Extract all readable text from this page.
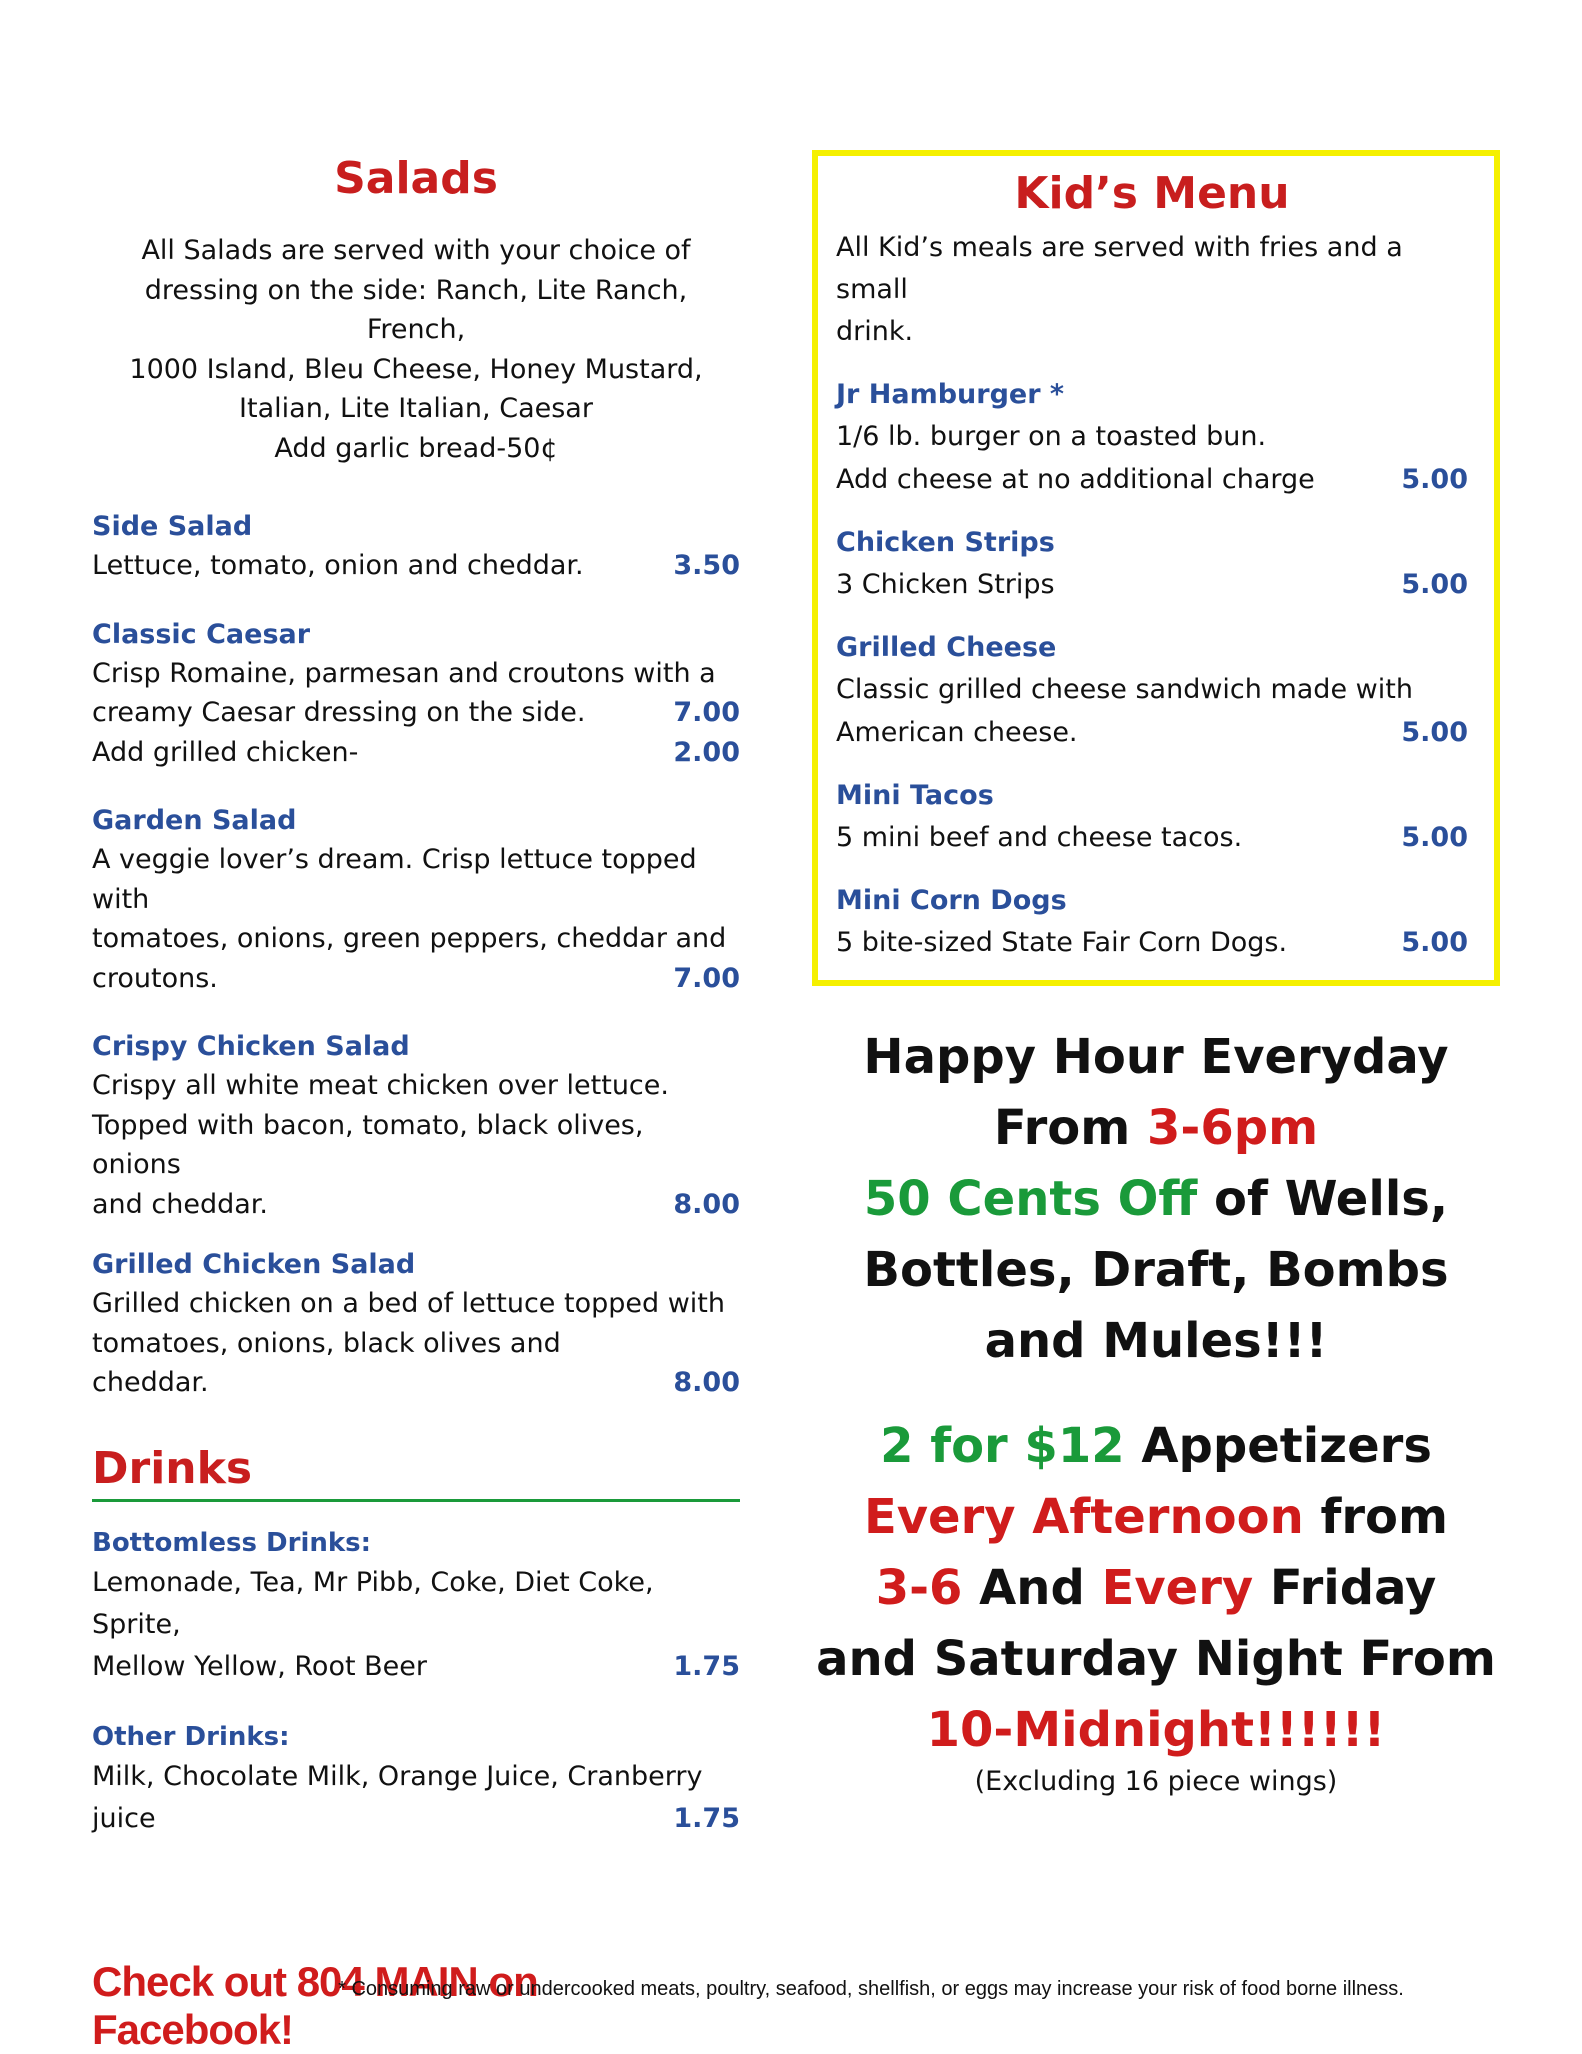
Salads
All Salads are served with your choice of
dressing on the side: Ranch, Lite Ranch, French,
1000 Island, Bleu Cheese, Honey Mustard,
Italian, Lite Italian, Caesar
Add garlic bread-50¢
Side Salad
Lettuce, tomato, onion and cheddar.	3.50
Classic Caesar
Crisp Romaine, parmesan and croutons with a
creamy Caesar dressing on the side.	7.00
Add grilled chicken-	2.00
Garden Salad
A veggie lover’s dream. Crisp lettuce topped with
tomatoes, onions, green peppers, cheddar and
croutons.	7.00
Crispy Chicken Salad
Crispy all white meat chicken over lettuce.
Topped with bacon, tomato, black olives, onions
and cheddar.	8.00
Grilled Chicken Salad
Grilled chicken on a bed of lettuce topped with
tomatoes, onions, black olives and cheddar.	8.00
Drinks
Bottomless Drinks:
Lemonade, Tea, Mr Pibb, Coke, Diet Coke, Sprite,
Mellow Yellow, Root Beer	1.75
Other Drinks:
Milk, Chocolate Milk, Orange Juice, Cranberry
juice	1.75
Check out 804 MAIN on Facebook!
Kid’s Menu
All Kid’s meals are served with fries and a small
drink.
Jr Hamburger *
1/6 lb. burger on a toasted bun.
Add cheese at no additional charge	5.00
Chicken Strips
3 Chicken Strips	5.00
Grilled Cheese
Classic grilled cheese sandwich made with
American cheese.	5.00
Mini Tacos
5 mini beef and cheese tacos.	5.00
Mini Corn Dogs
5 bite-sized State Fair Corn Dogs.	5.00
Happy Hour Everyday
From 3-6pm
50 Cents Off of Wells,
Bottles, Draft, Bombs
and Mules!!!
2 for $12 Appetizers
Every Afternoon from
3-6 And Every Friday
and Saturday Night From
10-Midnight!!!!!!
(Excluding 16 piece wings)
* Consuming raw or undercooked meats, poultry, seafood, shellfish, or eggs may increase your risk of food borne illness.
